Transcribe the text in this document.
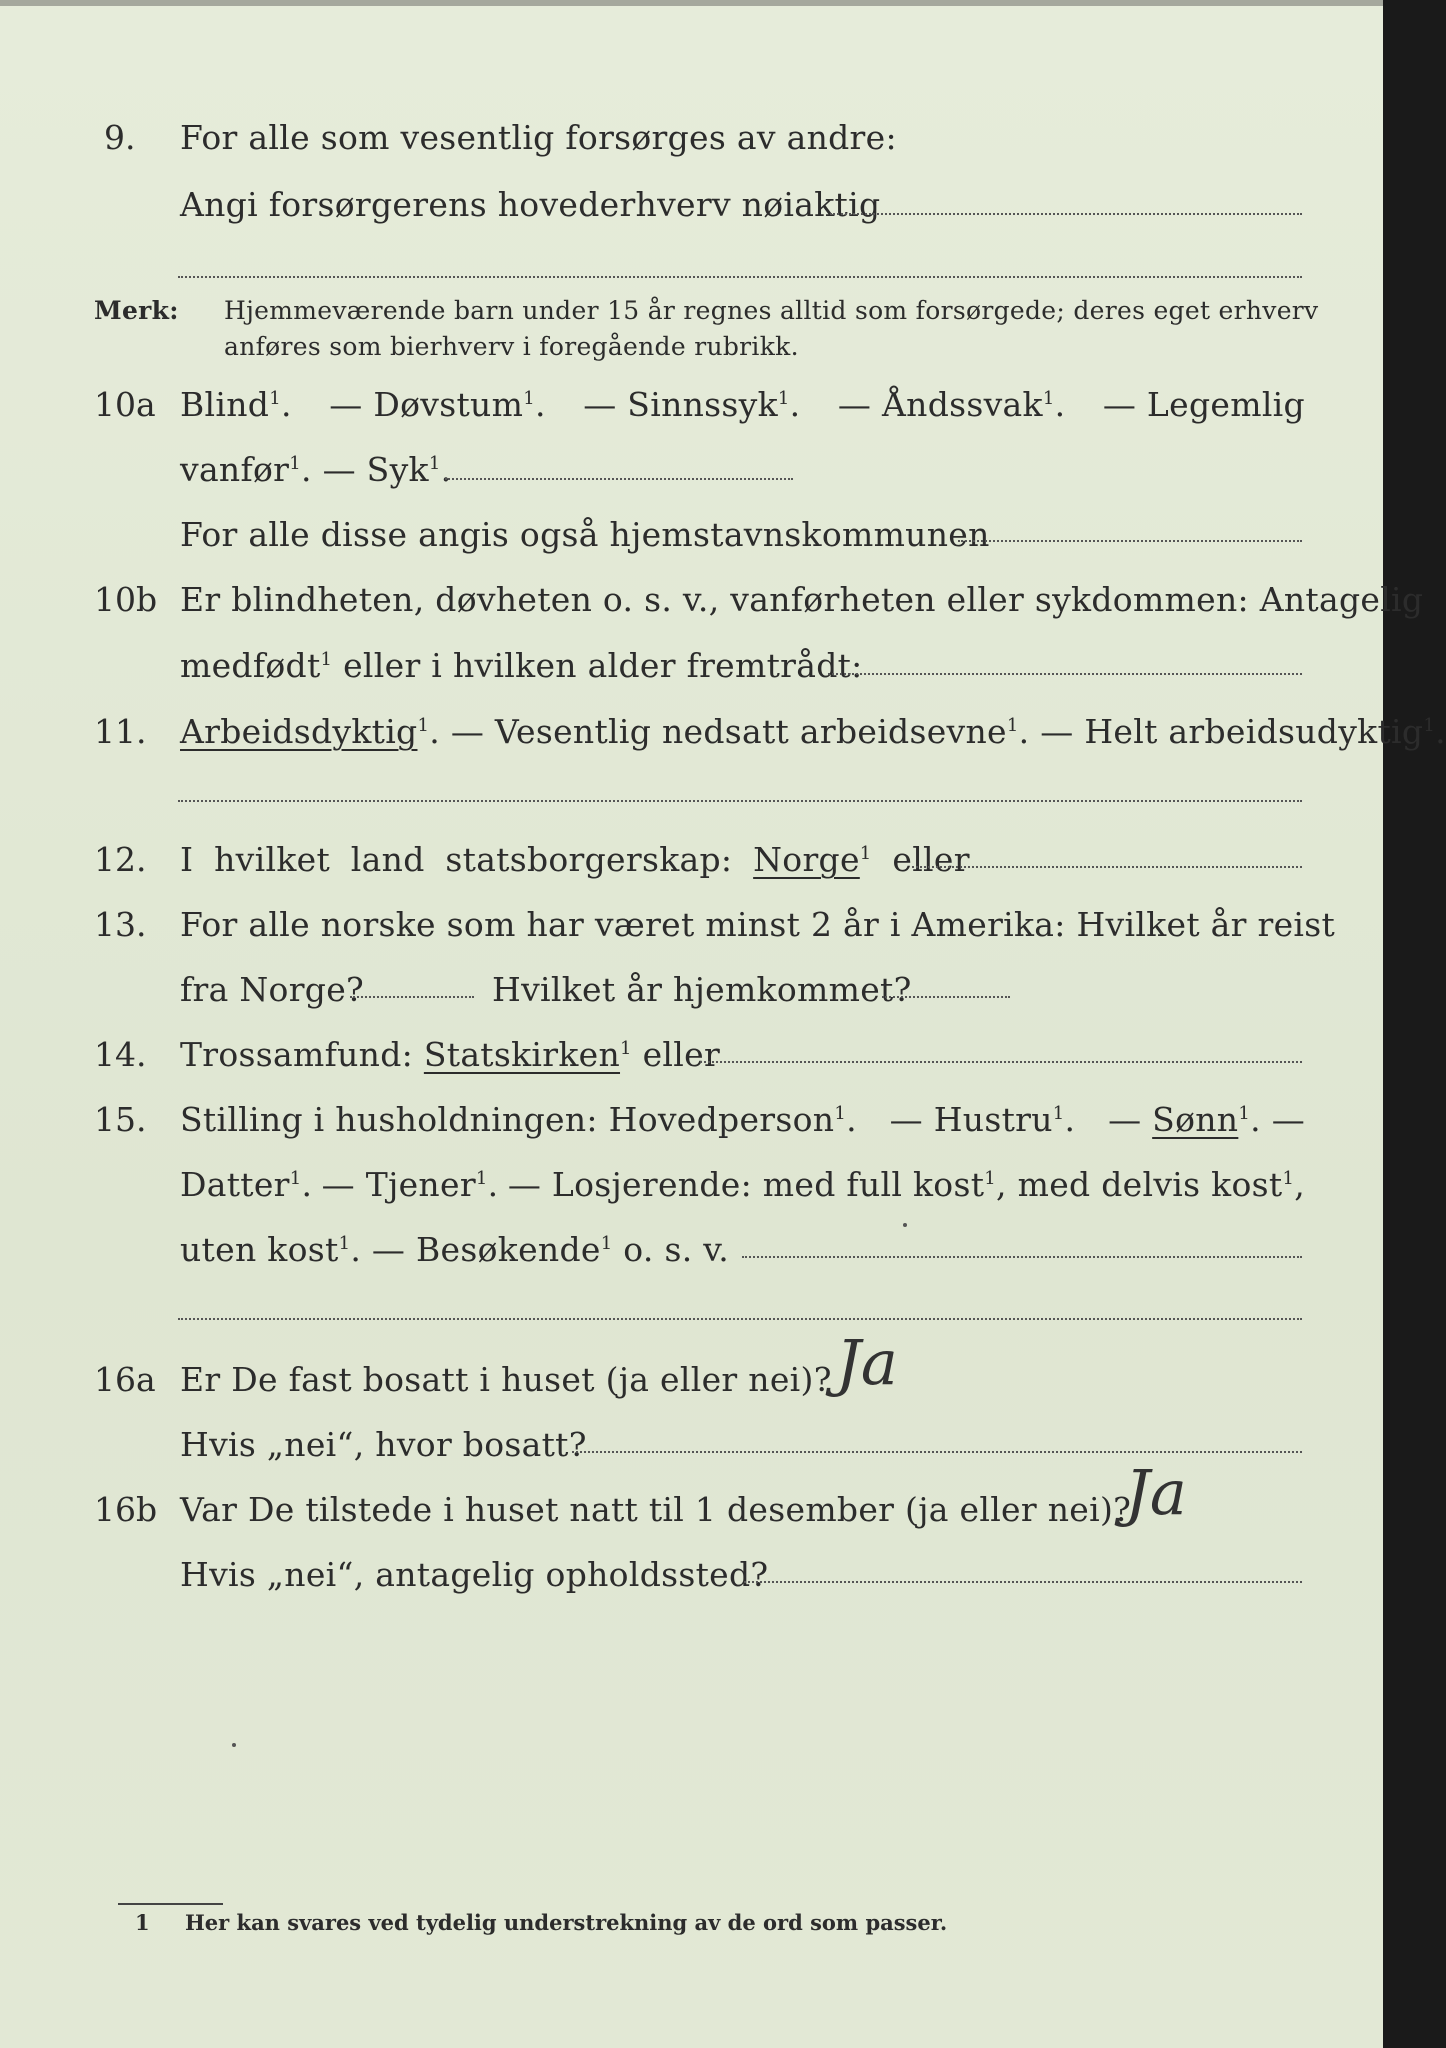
9. For alle som vesentlig forsørges av andre:
Angi forsørgerens hovederhverv nøiaktig
Merk: Hjemmeværende barn under 15 år regnes alltid som forsørgede; deres eget erhverv
anføres som bierhverv i foregående rubrikk.
10a Blind$^1$. — Døvstum$^1$. — Sinnssyk$^1$. — Åndssvak$^1$. — Legemlig
vanfør$^1$. — Syk$^1$.
For alle disse angis også hjemstavnskommunen
10b Er blindheten, døvheten o. s. v., vanførheten eller sykdommen: Antagelig
medfødt$^1$ eller i hvilken alder fremtrådt:
11. Arbeidsdyktig$^1$. — Vesentlig nedsatt arbeidsevne$^1$. — Helt arbeidsudyktig$^1$.
12. I hvilket land statsborgerskap: Norge$^1$ eller
13. For alle norske som har været minst 2 år i Amerika: Hvilket år reist
fra Norge?	Hvilket år hjemkommet?
14. Trossamfund: Statskirken$^1$ eller
15. Stilling i husholdningen: Hovedperson$^1$. — Hustru$^1$. — Sønn$^1$. —
Datter$^1$. — Tjener$^1$. — Losjerende: med full kost$^1$, med delvis kost$^1$,
uten kost$^1$. — Besøkende$^1$ o. s. v.
16a Er De fast bosatt i huset (ja eller nei)? Ja
Hvis „nei“, hvor bosatt?
16b Var De tilstede i huset natt til 1 desember (ja eller nei)?
Ja
Hvis „nei“, antagelig opholdssted?
1 Her kan svares ved tydelig understrekning av de ord som passer.
